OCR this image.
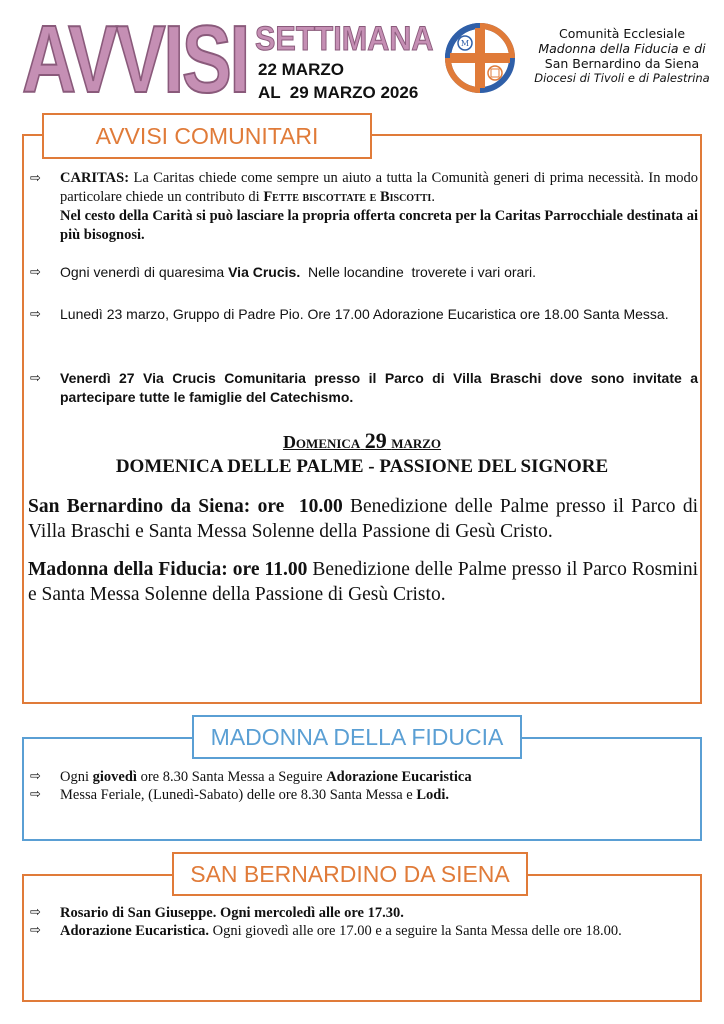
AVVISI SETTIMANA
22 MARZO
AL  29 MARZO 2026
M
Comunità Ecclesiale
Madonna della Fiducia e di
San Bernardino da Siena
Diocesi di Tivoli e di Palestrina
AVVISI COMUNITARI
⇨ CARITAS: La Caritas chiede come sempre un aiuto a tutta la Comunità generi di prima necessità. In modo particolare chiede un contributo di Fette biscottate e Biscotti.
Nel cesto della Carità si può lasciare la propria offerta concreta per la Caritas Parrocchiale destinata ai più bisognosi.
⇨ Ogni venerdì di quaresima Via Crucis.  Nelle locandine  troverete i vari orari.
⇨ Lunedì 23 marzo, Gruppo di Padre Pio. Ore 17.00 Adorazione Eucaristica ore 18.00 Santa Messa.
⇨ Venerdì 27 Via Crucis Comunitaria presso il Parco di Villa Braschi dove sono invitate a partecipare tutte le famiglie del Catechismo.
Domenica 29 marzo
DOMENICA DELLE PALME - PASSIONE DEL SIGNORE
San Bernardino da Siena: ore  10.00 Benedizione delle Palme presso il Parco di Villa Braschi e Santa Messa Solenne della Passione di Gesù Cristo.
Madonna della Fiducia: ore 11.00 Benedizione delle Palme presso il Parco Rosmini e Santa Messa Solenne della Passione di Gesù Cristo.
MADONNA DELLA FIDUCIA
⇨ Ogni giovedì ore 8.30 Santa Messa a Seguire Adorazione Eucaristica
⇨ Messa Feriale, (Lunedì-Sabato) delle ore 8.30 Santa Messa e Lodi.
SAN BERNARDINO DA SIENA
⇨ Rosario di San Giuseppe. Ogni mercoledì alle ore 17.30.
⇨ Adorazione Eucaristica. Ogni giovedì alle ore 17.00 e a seguire la Santa Messa delle ore 18.00.
